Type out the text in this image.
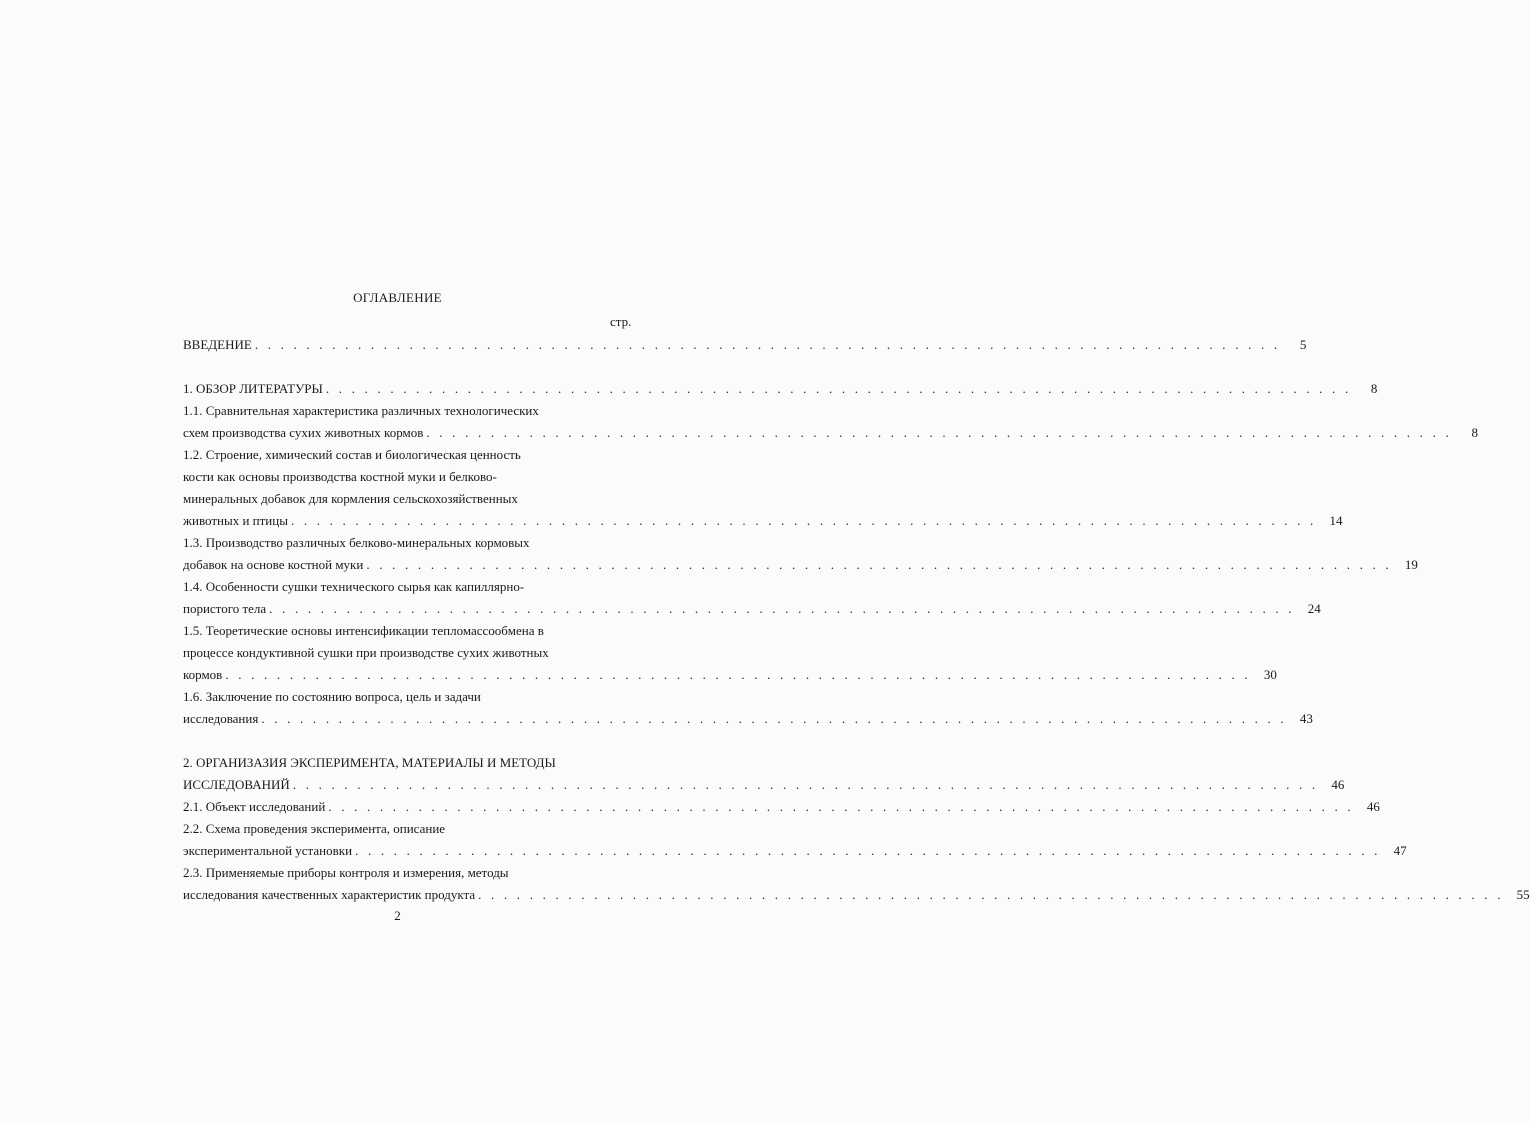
ОГЛАВЛЕНИЕ
стр.
ВВЕДЕНИЕ . . . . . . . . . . . . . . . . . . . . . . . . . . . . . . . . . . . . . . . . . . . . . . . . . . . . . . . . . . . . . . . . . . . . . . . . . . . . . . . .	5
1. ОБЗОР ЛИТЕРАТУРЫ . . . . . . . . . . . . . . . . . . . . . . . . . . . . . . . . . . . . . . . . . . . . . . . . . . . . . . . . . . . . . . . . . . . . . . . . . . . . . . . .	8
1.1. Сравнительная характеристика различных технологических
схем производства сухих животных кормов . . . . . . . . . . . . . . . . . . . . . . . . . . . . . . . . . . . . . . . . . . . . . . . . . . . . . . . . . . . . . . . . . . . . . . . . . . . . . . . .	8
1.2. Строение, химический состав и биологическая ценность
кости как основы производства костной муки и белково-
минеральных добавок для кормления сельскохозяйственных
животных и птицы . . . . . . . . . . . . . . . . . . . . . . . . . . . . . . . . . . . . . . . . . . . . . . . . . . . . . . . . . . . . . . . . . . . . . . . . . . . . . . . .	14
1.3. Производство различных белково-минеральных кормовых
добавок на основе костной муки . . . . . . . . . . . . . . . . . . . . . . . . . . . . . . . . . . . . . . . . . . . . . . . . . . . . . . . . . . . . . . . . . . . . . . . . . . . . . . . .	19
1.4. Особенности сушки технического сырья как капиллярно-
пористого тела . . . . . . . . . . . . . . . . . . . . . . . . . . . . . . . . . . . . . . . . . . . . . . . . . . . . . . . . . . . . . . . . . . . . . . . . . . . . . . . .	24
1.5. Теоретические основы интенсификации тепломассообмена в
процессе кондуктивной сушки при производстве сухих животных
кормов . . . . . . . . . . . . . . . . . . . . . . . . . . . . . . . . . . . . . . . . . . . . . . . . . . . . . . . . . . . . . . . . . . . . . . . . . . . . . . . .	30
1.6. Заключение по состоянию вопроса, цель и задачи
исследования . . . . . . . . . . . . . . . . . . . . . . . . . . . . . . . . . . . . . . . . . . . . . . . . . . . . . . . . . . . . . . . . . . . . . . . . . . . . . . . .	43
2. ОРГАНИЗАЗИЯ ЭКСПЕРИМЕНТА, МАТЕРИАЛЫ И МЕТОДЫ
ИССЛЕДОВАНИЙ . . . . . . . . . . . . . . . . . . . . . . . . . . . . . . . . . . . . . . . . . . . . . . . . . . . . . . . . . . . . . . . . . . . . . . . . . . . . . . . .	46
2.1. Объект исследований . . . . . . . . . . . . . . . . . . . . . . . . . . . . . . . . . . . . . . . . . . . . . . . . . . . . . . . . . . . . . . . . . . . . . . . . . . . . . . . .	46
2.2. Схема проведения эксперимента, описание
экспериментальной установки . . . . . . . . . . . . . . . . . . . . . . . . . . . . . . . . . . . . . . . . . . . . . . . . . . . . . . . . . . . . . . . . . . . . . . . . . . . . . . . .	47
2.3. Применяемые приборы контроля и измерения, методы
исследования качественных характеристик продукта . . . . . . . . . . . . . . . . . . . . . . . . . . . . . . . . . . . . . . . . . . . . . . . . . . . . . . . . . . . . . . . . . . . . . . . . . . . . . . . .	55
2
